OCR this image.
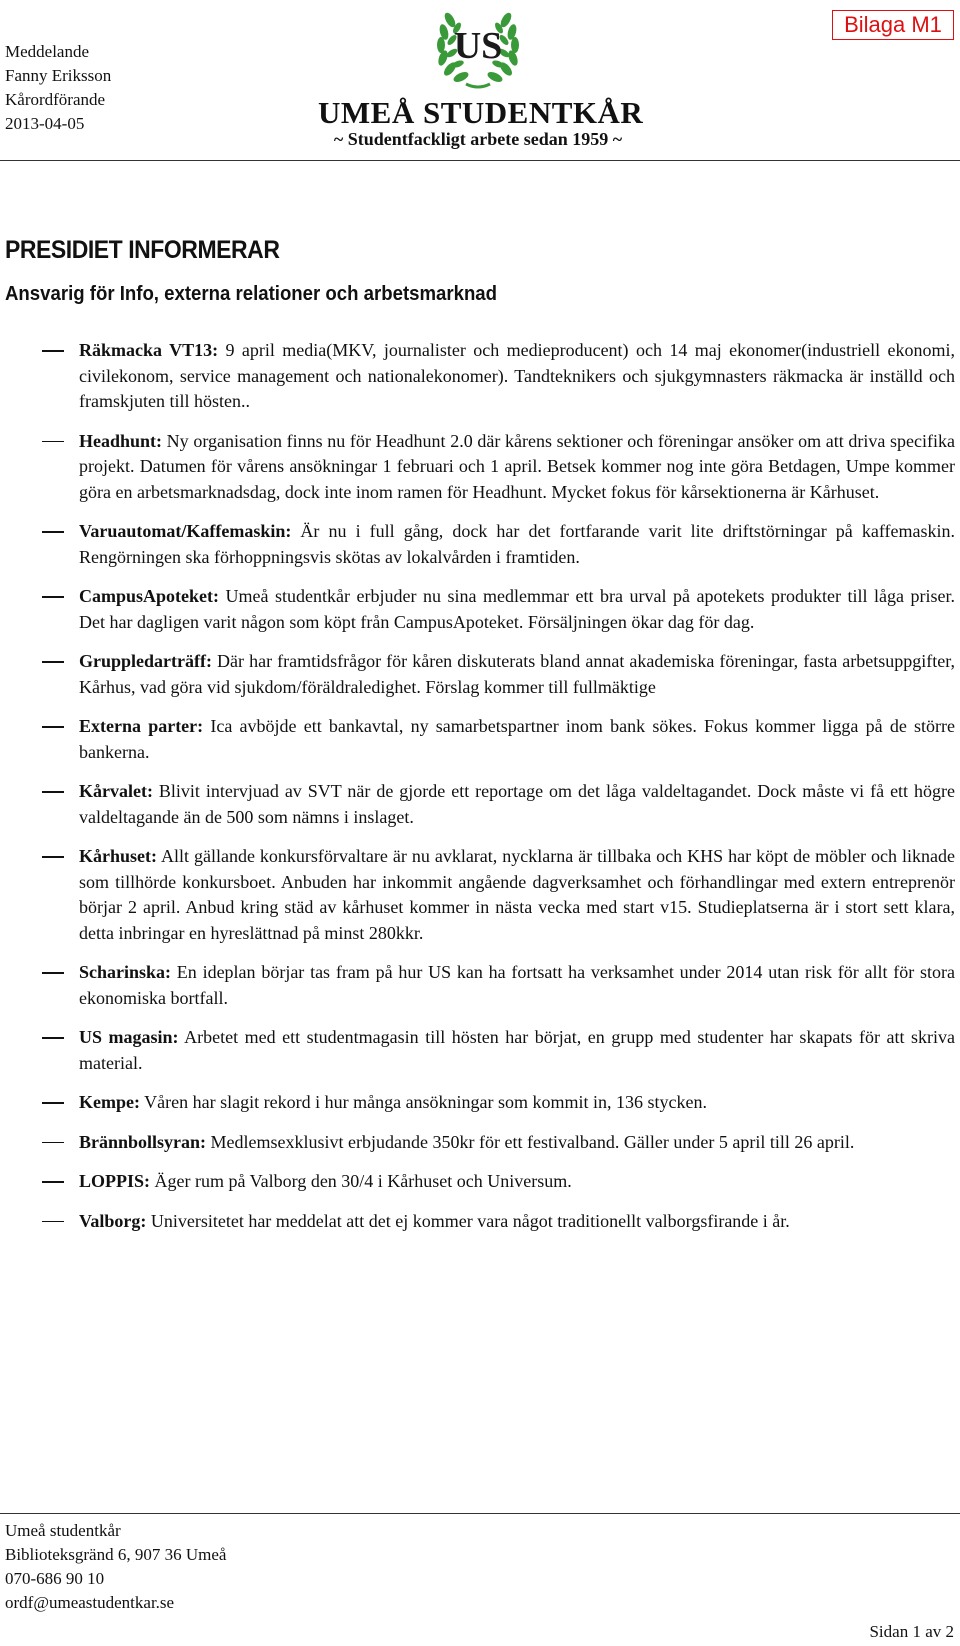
Meddelande
Fanny Eriksson
Kårordförande
2013-04-05
US
UMEÅ STUDENTKÅR
~ Studentfackligt arbete sedan 1959 ~
Bilaga M1
PRESIDIET INFORMERAR
Ansvarig för Info, externa relationer och arbetsmarknad
Räkmacka VT13: 9 april media(MKV, journalister och medieproducent) och 14 maj ekonomer(industriell ekonomi, civilekonom, service management och nationalekonomer). Tandteknikers och sjukgymnasters räkmacka är inställd och framskjuten till hösten..
Headhunt: Ny organisation finns nu för Headhunt 2.0 där kårens sektioner och föreningar ansöker om att driva specifika projekt. Datumen för vårens ansökningar 1 februari och 1 april. Betsek kommer nog inte göra Betdagen, Umpe kommer göra en arbetsmarknadsdag, dock inte inom ramen för Headhunt. Mycket fokus för kårsektionerna är Kårhuset.
Varuautomat/Kaffemaskin: Är nu i full gång, dock har det fortfarande varit lite driftstörningar på kaffemaskin. Rengörningen ska förhoppningsvis skötas av lokalvården i framtiden.
CampusApoteket: Umeå studentkår erbjuder nu sina medlemmar ett bra urval på apotekets produkter till låga priser. Det har dagligen varit någon som köpt från CampusApoteket. Försäljningen ökar dag för dag.
Gruppledarträff: Där har framtidsfrågor för kåren diskuterats bland annat akademiska föreningar, fasta arbetsuppgifter, Kårhus, vad göra vid sjukdom/föräldraledighet. Förslag kommer till fullmäktige
Externa parter: Ica avböjde ett bankavtal, ny samarbetspartner inom bank sökes. Fokus kommer ligga på de större bankerna.
Kårvalet: Blivit intervjuad av SVT när de gjorde ett reportage om det låga valdeltagandet. Dock måste vi få ett högre valdeltagande än de 500 som nämns i inslaget.
Kårhuset: Allt gällande konkursförvaltare är nu avklarat, nycklarna är tillbaka och KHS har köpt de möbler och liknade som tillhörde konkursboet. Anbuden har inkommit angående dagverksamhet och förhandlingar med extern entreprenör börjar 2 april. Anbud kring städ av kårhuset kommer in nästa vecka med start v15. Studieplatserna är i stort sett klara, detta inbringar en hyreslättnad på minst 280kkr.
Scharinska: En ideplan börjar tas fram på hur US kan ha fortsatt ha verksamhet under 2014 utan risk för allt för stora ekonomiska bortfall.
US magasin: Arbetet med ett studentmagasin till hösten har börjat, en grupp med studenter har skapats för att skriva material.
Kempe: Våren har slagit rekord i hur många ansökningar som kommit in, 136 stycken.
Brännbollsyran: Medlemsexklusivt erbjudande 350kr för ett festivalband. Gäller under 5 april till 26 april.
LOPPIS: Äger rum på Valborg den 30/4 i Kårhuset och Universum.
Valborg: Universitetet har meddelat att det ej kommer vara något traditionellt valborgsfirande i år.
Umeå studentkår
Biblioteksgränd 6, 907 36 Umeå
070-686 90 10
ordf@umeastudentkar.se
Sidan 1 av 2
